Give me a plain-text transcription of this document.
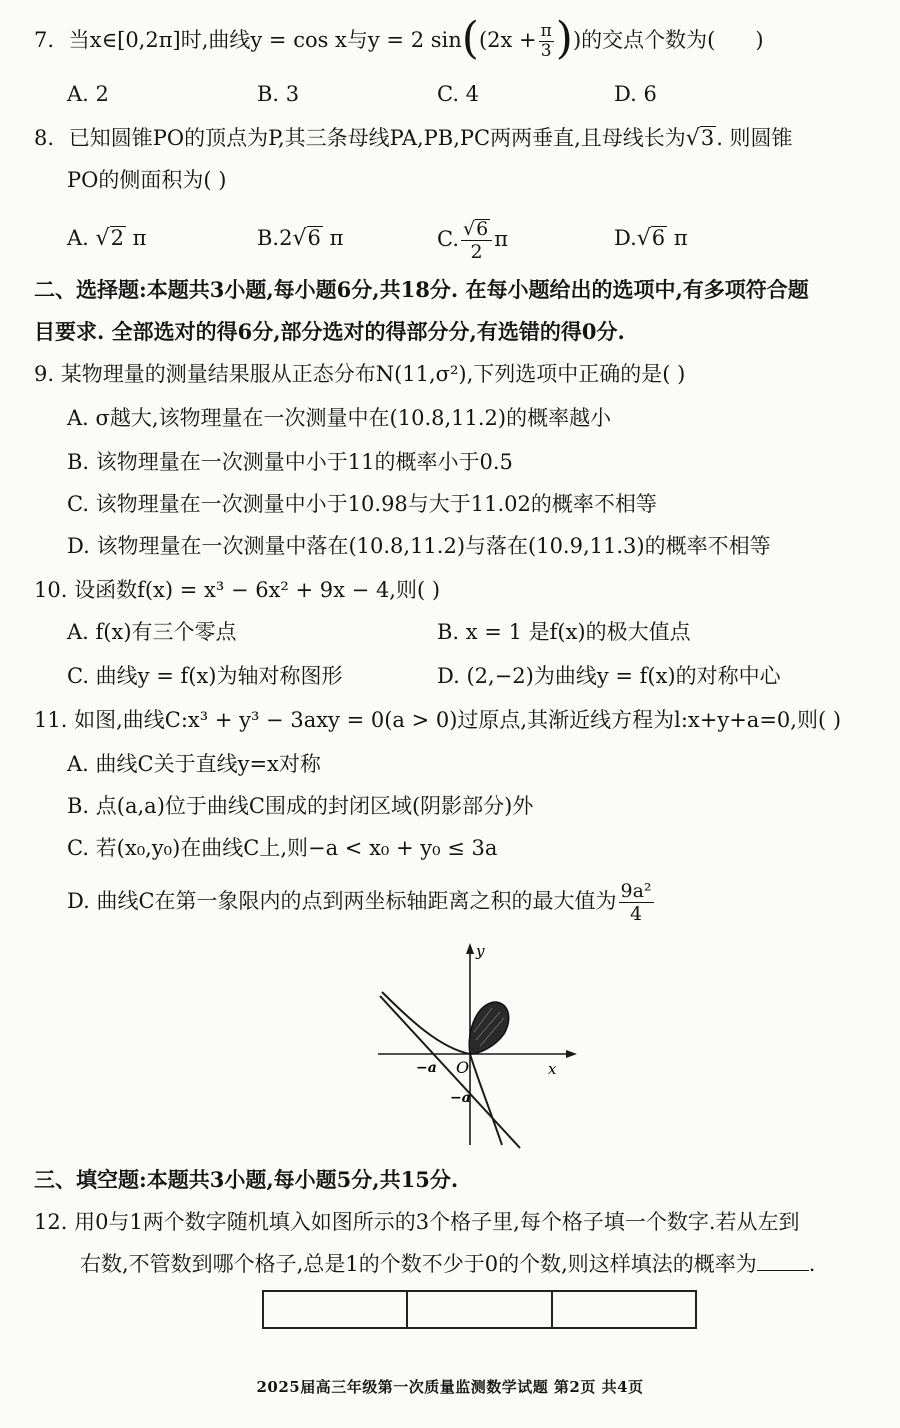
7. 当x∈[0,2π]时,曲线y = cos x与y = 2 $\sin((2x + \frac{\pi}{3}$ ))的交点个数为( )
A. 2	B. 3	C. 4	D. 6
8. 已知圆锥PO的顶点为P,其三条母线PA,PB,PC两两垂直,且母线长为√3. 则圆锥
PO的侧面积为( )
A. √2 π	B.2√6 π	C. $\frac{√6}{2}$ π	D.√6 π
二、选择题:本题共3小题,每小题6分,共18分. 在每小题给出的选项中,有多项符合题
目要求. 全部选对的得6分,部分选对的得部分分,有选错的得0分.
9. 某物理量的测量结果服从正态分布N(11,σ²),下列选项中正确的是( )
A. σ越大,该物理量在一次测量中在(10.8,11.2)的概率越小
B. 该物理量在一次测量中小于11的概率小于0.5
C. 该物理量在一次测量中小于10.98与大于11.02的概率不相等
D. 该物理量在一次测量中落在(10.8,11.2)与落在(10.9,11.3)的概率不相等
10. 设函数f(x) = x³ − 6x² + 9x − 4,则( )
A. f(x)有三个零点	B. x = 1 是f(x)的极大值点
C. 曲线y = f(x)为轴对称图形	D. (2,−2)为曲线y = f(x)的对称中心
11. 如图,曲线C:x³ + y³ − 3axy = 0(a > 0)过原点,其渐近线方程为l:x+y+a=0,则( )
A. 曲线C关于直线y=x对称
B. 点(a,a)位于曲线C围成的封闭区域(阴影部分)外
C. 若(x₀,y₀)在曲线C上,则−a < x₀ + y₀ ≤ 3a
D. 曲线C在第一象限内的点到两坐标轴距离之积的最大值为 $\frac{\text{9a²}}{4}$
y
x
O
−a
−a
三、填空题:本题共3小题,每小题5分,共15分.
12. 用0与1两个数字随机填入如图所示的3个格子里,每个格子填一个数字.若从左到
右数,不管数到哪个格子,总是1的个数不少于0的个数,则这样填法的概率为 .
2025届高三年级第一次质量监测数学试题 第2页 共4页
